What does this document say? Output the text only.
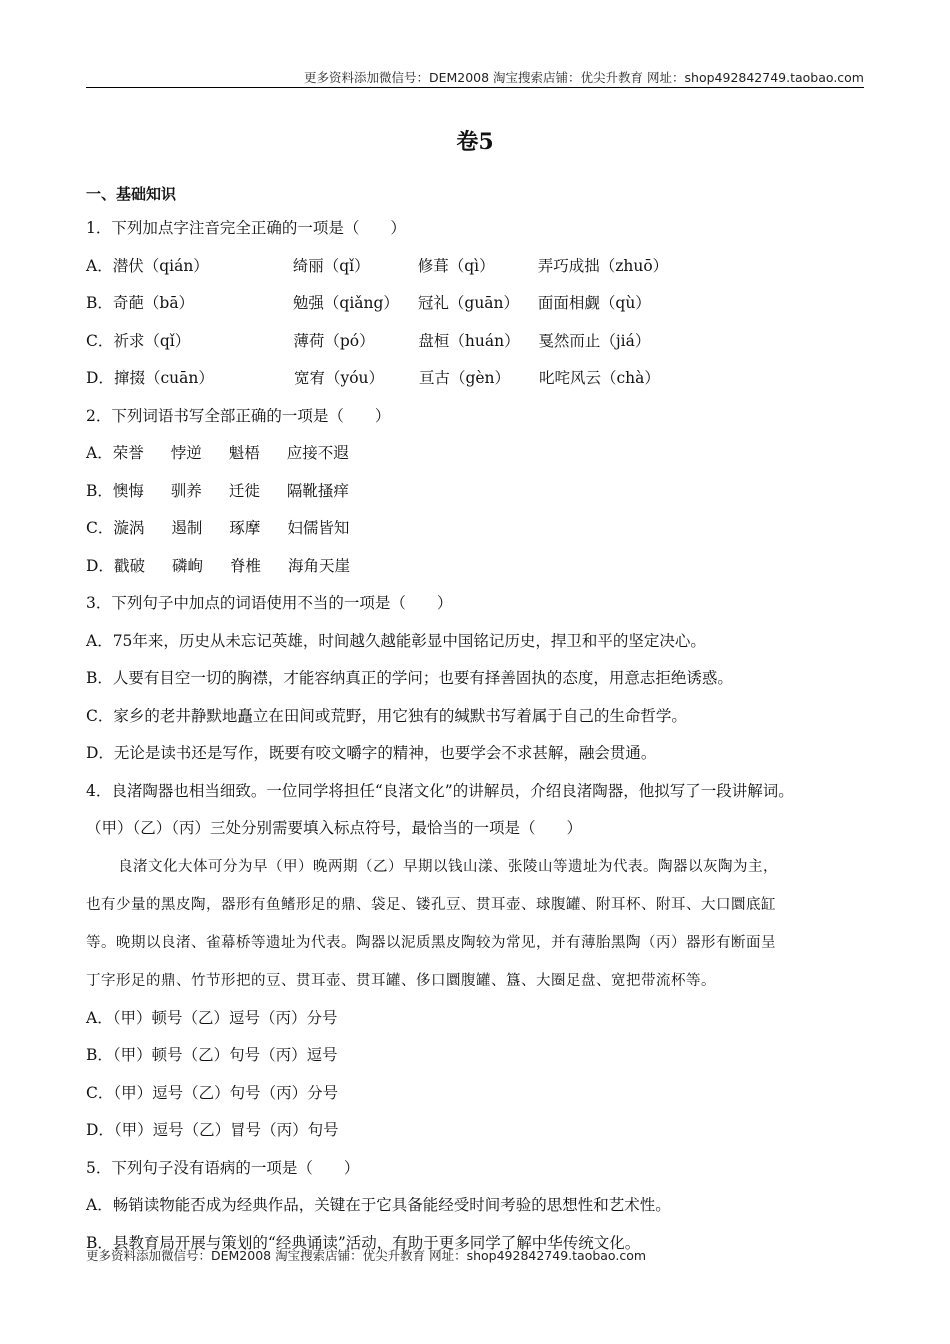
更多资料添加微信号：DEM2008 淘宝搜索店铺：优尖升教育 网址：shop492842749.taobao.com
卷5
一、基础知识
1．下列加点字注音完全正确的一项是（　　）
A．潜伏（qián）	绮丽（qǐ）	修葺（qì）	弄巧成拙（zhuō）
B．奇葩（bā）	勉强（qiǎng） 冠礼（guān） 面面相觑（qù）
C．祈求（qǐ）	薄荷（pó）	盘桓（huán） 戛然而止（jiá）
D．撺掇（cuān）	宽宥（yóu） 亘古（gèn） 叱咤风云（chà）
2．下列词语书写全部正确的一项是（　　）
A．荣誉 悖逆 魁梧 应接不遐
B．懊悔 驯养 迁徙 隔靴搔痒
C．漩涡 遏制 琢摩 妇儒皆知
D．戳破 磷峋 脊椎 海角天崖
3．下列句子中加点的词语使用不当的一项是（　　）
A．75年来，历史从未忘记英雄，时间越久越能彰显中国铭记历史，捍卫和平的坚定决心。
B．人要有目空一切的胸襟，才能容纳真正的学问；也要有择善固执的态度，用意志拒绝诱惑。
C．家乡的老井静默地矗立在田间或荒野，用它独有的缄默书写着属于自己的生命哲学。
D．无论是读书还是写作，既要有咬文嚼字的精神，也要学会不求甚解，融会贯通。
4．良渚陶器也相当细致。一位同学将担任“良渚文化”的讲解员，介绍良渚陶器，他拟写了一段讲解词。
（甲）（乙）（丙）三处分别需要填入标点符号，最恰当的一项是（　　）
良渚文化大体可分为早（甲）晚两期（乙）早期以钱山漾、张陵山等遗址为代表。陶器以灰陶为主，
也有少量的黑皮陶，器形有鱼鳍形足的鼎、袋足、镂孔豆、贯耳壶、球腹罐、附耳杯、附耳、大口圜底缸
等。晚期以良渚、雀幕桥等遗址为代表。陶器以泥质黑皮陶较为常见，并有薄胎黑陶（丙）器形有断面呈
丁字形足的鼎、竹节形把的豆、贯耳壶、贯耳罐、侈口圜腹罐、簋、大圈足盘、宽把带流杯等。
A．（甲）顿号（乙）逗号（丙）分号
B．（甲）顿号（乙）句号（丙）逗号
C．（甲）逗号（乙）句号（丙）分号
D．（甲）逗号（乙）冒号（丙）句号
5．下列句子没有语病的一项是（　　）
A．畅销读物能否成为经典作品，关键在于它具备能经受时间考验的思想性和艺术性。
B．县教育局开展与策划的“经典诵读”活动，有助于更多同学了解中华传统文化。
更多资料添加微信号：DEM2008 淘宝搜索店铺：优尖升教育 网址：shop492842749.taobao.com
